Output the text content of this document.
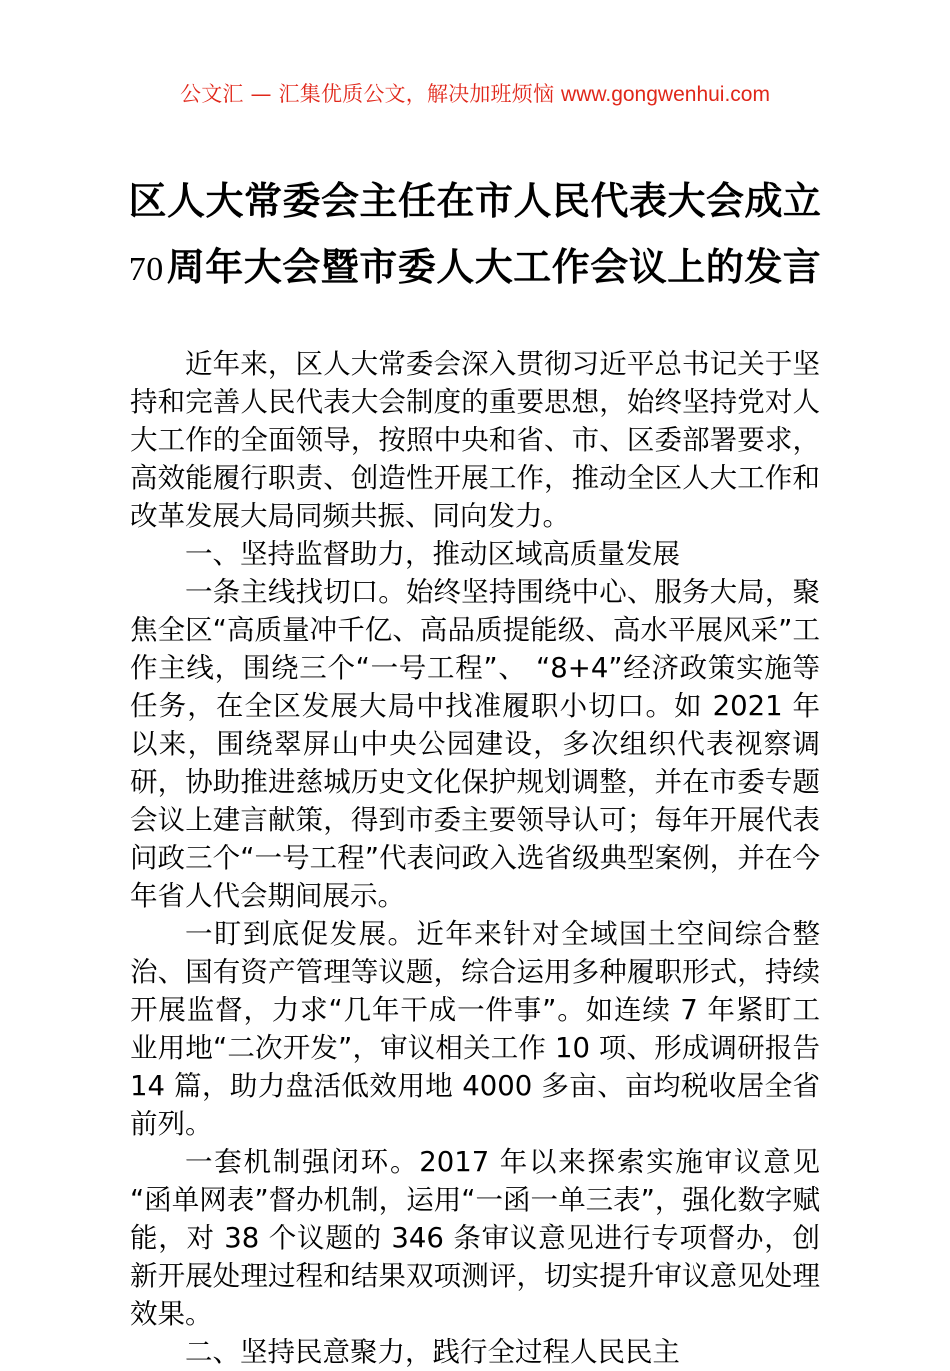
公文汇 — 汇集优质公文，解决加班烦恼 www.gongwenhui.com
区人大常委会主任在市人民代表大会成立
70周年大会暨市委人大工作会议上的发言

近年来，区人大常委会深入贯彻习近平总书记关于坚持和完善人民代表大会制度的重要思想，始终坚持党对人大工作的全面领导，按照中央和省、市、区委部署要求，高效能履行职责、创造性开展工作，推动全区人大工作和改革发展大局同频共振、同向发力。

一、坚持监督助力，推动区域高质量发展

一条主线找切口。始终坚持围绕中心、服务大局，聚焦全区“高质量冲千亿、高品质提能级、高水平展风采”工作主线，围绕三个“一号工程”、 “8+4”经济政策实施等任务，在全区发展大局中找准履职小切口。如 2021 年以来，围绕翠屏山中央公园建设，多次组织代表视察调研，协助推进慈城历史文化保护规划调整，并在市委专题会议上建言献策，得到市委主要领导认可；每年开展代表问政三个“一号工程”代表问政入选省级典型案例，并在今年省人代会期间展示。

一盯到底促发展。近年来针对全域国土空间综合整治、国有资产管理等议题，综合运用多种履职形式，持续开展监督，力求“几年干成一件事”。如连续 7 年紧盯工业用地“二次开发”，审议相关工作 10 项、形成调研报告 14 篇，助力盘活低效用地 4000 多亩、亩均税收居全省前列。

一套机制强闭环。2017 年以来探索实施审议意见“函单网表”督办机制，运用“一函一单三表”，强化数字赋能，对 38 个议题的 346 条审议意见进行专项督办，创新开展处理过程和结果双项测评，切实提升审议意见处理效果。

二、坚持民意聚力，践行全过程人民民主
